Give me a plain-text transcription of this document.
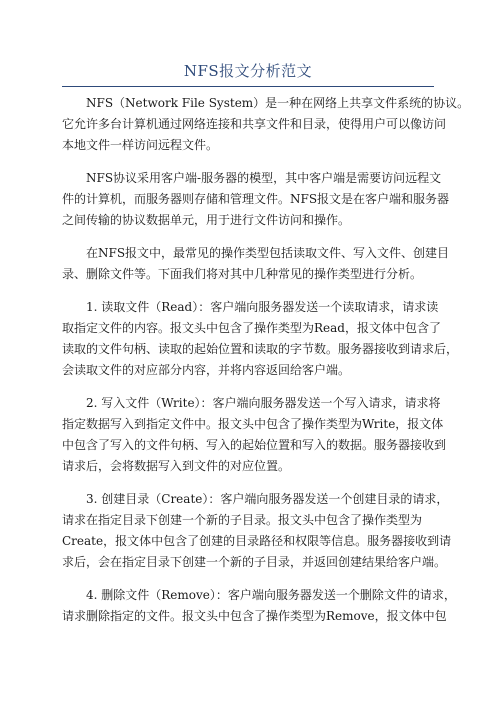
NFS报文分析范文

NFS（Network File System）是一种在网络上共享文件系统的协议。
它允许多台计算机通过网络连接和共享文件和目录，使得用户可以像访问
本地文件一样访问远程文件。

NFS协议采用客户端-服务器的模型，其中客户端是需要访问远程文
件的计算机，而服务器则存储和管理文件。NFS报文是在客户端和服务器
之间传输的协议数据单元，用于进行文件访问和操作。

在NFS报文中，最常见的操作类型包括读取文件、写入文件、创建目
录、删除文件等。下面我们将对其中几种常见的操作类型进行分析。

1. 读取文件（Read）：客户端向服务器发送一个读取请求，请求读
取指定文件的内容。报文头中包含了操作类型为Read，报文体中包含了
读取的文件句柄、读取的起始位置和读取的字节数。服务器接收到请求后，
会读取文件的对应部分内容，并将内容返回给客户端。

2. 写入文件（Write）：客户端向服务器发送一个写入请求，请求将
指定数据写入到指定文件中。报文头中包含了操作类型为Write，报文体
中包含了写入的文件句柄、写入的起始位置和写入的数据。服务器接收到
请求后，会将数据写入到文件的对应位置。

3. 创建目录（Create）：客户端向服务器发送一个创建目录的请求，
请求在指定目录下创建一个新的子目录。报文头中包含了操作类型为
Create，报文体中包含了创建的目录路径和权限等信息。服务器接收到请
求后，会在指定目录下创建一个新的子目录，并返回创建结果给客户端。

4. 删除文件（Remove）：客户端向服务器发送一个删除文件的请求，
请求删除指定的文件。报文头中包含了操作类型为Remove，报文体中包
